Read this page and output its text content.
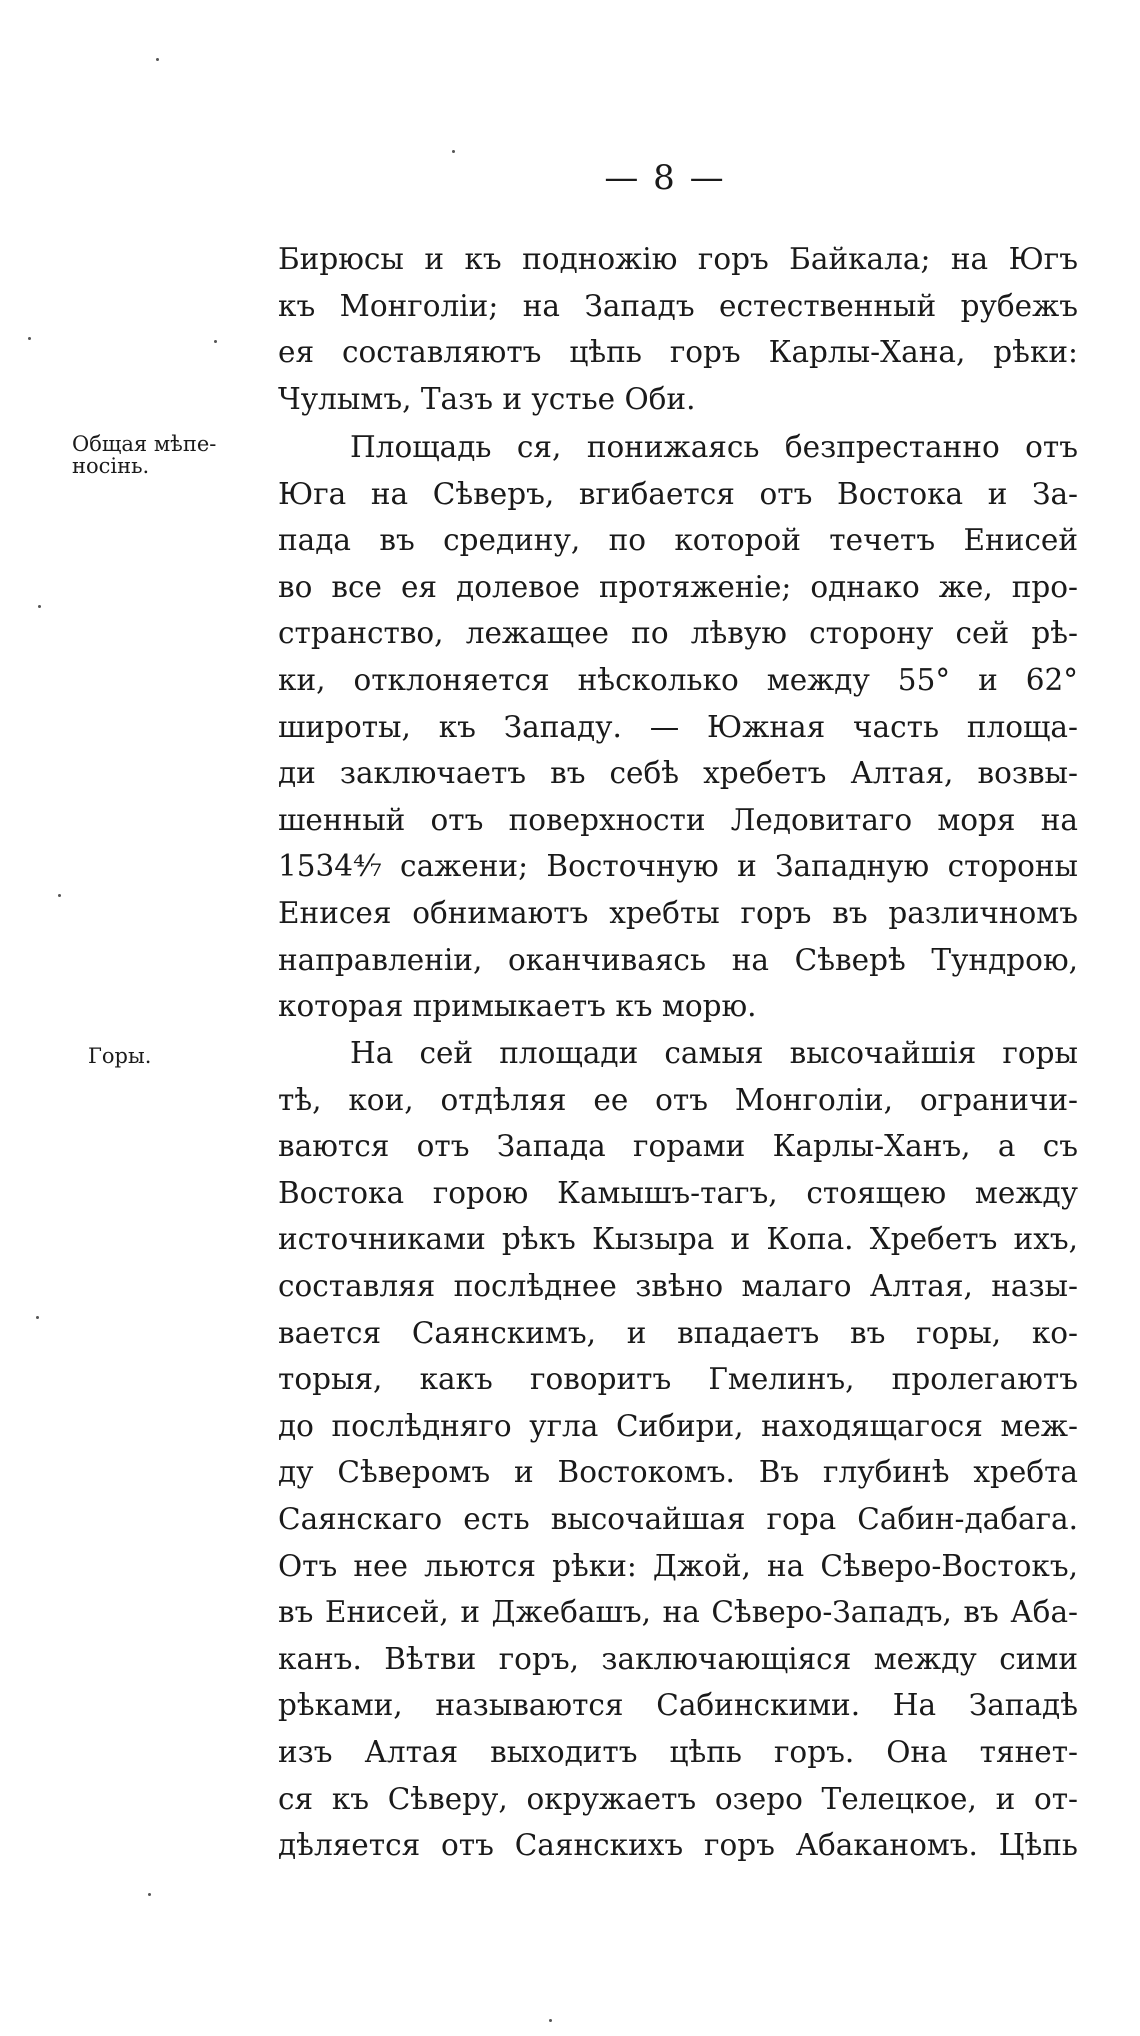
— 8 —
Общая мѣпе-
носінь.
Горы.
Бирюсы и къ подножію горъ Байкала; на Югъ
къ Монголіи; на Западъ естественный рубежъ
ея составляютъ цѣпь горъ Карлы-Хана, рѣки:
Чулымъ, Тазъ и устье Оби.
Площадь ся, понижаясь безпрестанно отъ
Юга на Сѣверъ, вгибается отъ Востока и За-
пада въ средину, по которой течетъ Енисей
во все ея долевое протяженіе; однако же, про-
странство, лежащее по лѣвую сторону сей рѣ-
ки, отклоняется нѣсколько между 55° и 62°
широты, къ Западу. — Южная часть площа-
ди заключаетъ въ себѣ хребетъ Алтая, возвы-
шенный отъ поверхности Ледовитаго моря на
1534⁴⁄₇ сажени; Восточную и Западную стороны
Енисея обнимаютъ хребты горъ въ различномъ
направленіи, оканчиваясь на Сѣверѣ Тундрою,
которая примыкаетъ къ морю.
На сей площади самыя высочайшія горы
тѣ, кои, отдѣляя ее отъ Монголіи, ограничи-
ваются отъ Запада горами Карлы-Ханъ, а съ
Востока горою Камышъ-тагъ, стоящею между
источниками рѣкъ Кызыра и Копа. Хребетъ ихъ,
составляя послѣднее звѣно малаго Алтая, назы-
вается Саянскимъ, и впадаетъ въ горы, ко-
торыя, какъ говоритъ Гмелинъ, пролегаютъ
до послѣдняго угла Сибири, находящагося меж-
ду Сѣверомъ и Востокомъ. Въ глубинѣ хребта
Саянскаго есть высочайшая гора Сабин-дабага.
Отъ нее льются рѣки: Джой, на Сѣверо-Востокъ,
въ Енисей, и Джебашъ, на Сѣверо-Западъ, въ Аба-
канъ. Вѣтви горъ, заключающіяся между сими
рѣками, называются Сабинскими. На Западѣ
изъ Алтая выходитъ цѣпь горъ. Она тянет-
ся къ Сѣверу, окружаетъ озеро Телецкое, и от-
дѣляется отъ Саянскихъ горъ Абаканомъ. Цѣпь
